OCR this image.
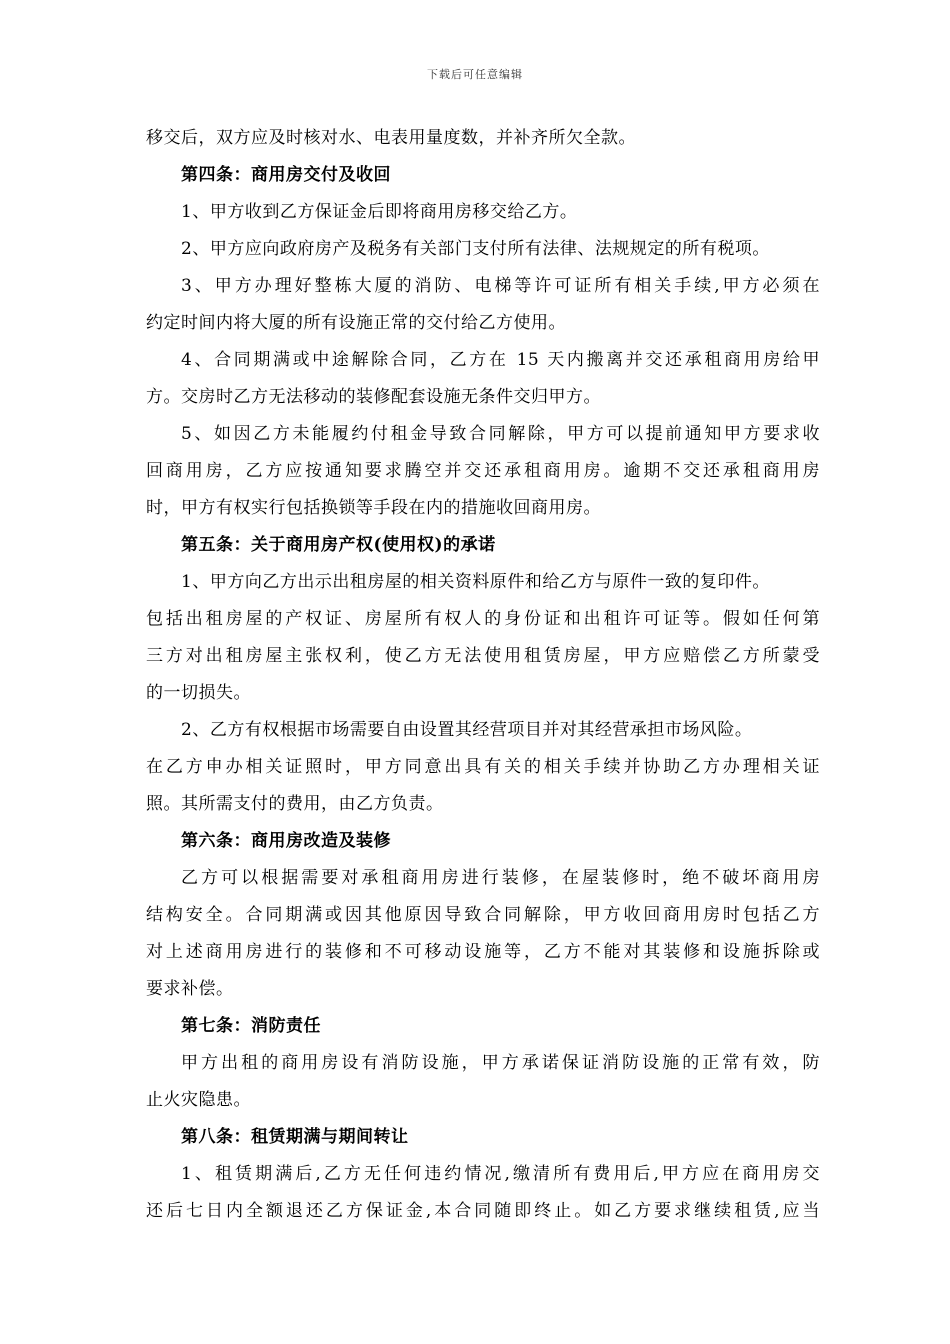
下载后可任意编辑
移交后，双方应及时核对水、电表用量度数，并补齐所欠全款。
第四条：商用房交付及收回
1、甲方收到乙方保证金后即将商用房移交给乙方。
2、甲方应向政府房产及税务有关部门支付所有法律、法规规定的所有税项。
3、甲方办理好整栋大厦的消防、电梯等许可证所有相关手续,甲方必须在
约定时间内将大厦的所有设施正常的交付给乙方使用。
4、合同期满或中途解除合同，乙方在 15 天内搬离并交还承租商用房给甲
方。交房时乙方无法移动的装修配套设施无条件交归甲方。
5、如因乙方未能履约付租金导致合同解除，甲方可以提前通知甲方要求收
回商用房，乙方应按通知要求腾空并交还承租商用房。逾期不交还承租商用房
时，甲方有权实行包括换锁等手段在内的措施收回商用房。
第五条：关于商用房产权(使用权)的承诺
1、甲方向乙方出示出租房屋的相关资料原件和给乙方与原件一致的复印件。
包括出租房屋的产权证、房屋所有权人的身份证和出租许可证等。假如任何第
三方对出租房屋主张权利，使乙方无法使用租赁房屋，甲方应赔偿乙方所蒙受
的一切损失。
2、乙方有权根据市场需要自由设置其经营项目并对其经营承担市场风险。
在乙方申办相关证照时，甲方同意出具有关的相关手续并协助乙方办理相关证
照。其所需支付的费用，由乙方负责。
第六条：商用房改造及装修
乙方可以根据需要对承租商用房进行装修，在屋装修时，绝不破坏商用房
结构安全。合同期满或因其他原因导致合同解除，甲方收回商用房时包括乙方
对上述商用房进行的装修和不可移动设施等，乙方不能对其装修和设施拆除或
要求补偿。
第七条：消防责任
甲方出租的商用房设有消防设施，甲方承诺保证消防设施的正常有效，防
止火灾隐患。
第八条：租赁期满与期间转让
1、租赁期满后,乙方无任何违约情况,缴清所有费用后,甲方应在商用房交
还后七日内全额退还乙方保证金,本合同随即终止。如乙方要求继续租赁,应当
